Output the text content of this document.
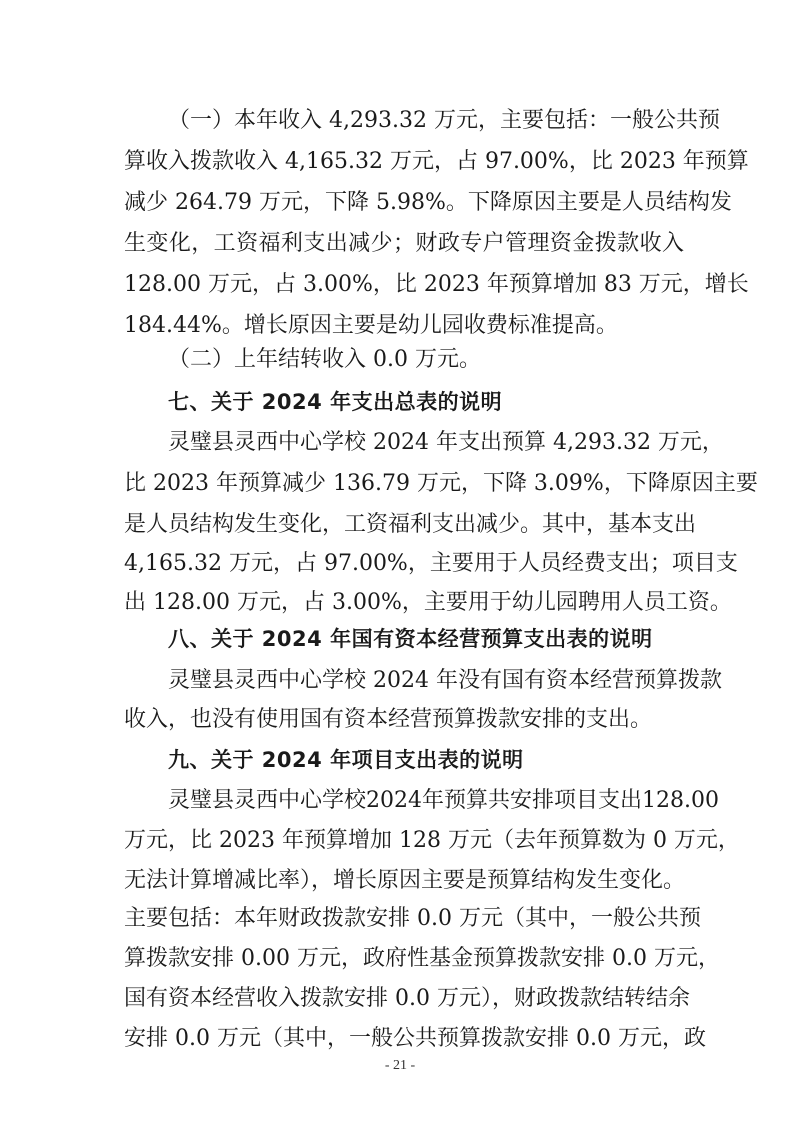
（一）本年收入 4,293.32 万元，主要包括：一般公共预
算收入拨款收入 4,165.32 万元，占 97.00%，比 2023 年预算
减少 264.79 万元，下降 5.98%。下降原因主要是人员结构发
生变化，工资福利支出减少；财政专户管理资金拨款收入
128.00 万元，占 3.00%，比 2023 年预算增加 83 万元，增长
184.44%。增长原因主要是幼儿园收费标准提高。
（二）上年结转收入 0.0 万元。
七、关于 2024 年支出总表的说明
灵璧县灵西中心学校 2024 年支出预算 4,293.32 万元，
比 2023 年预算减少 136.79 万元，下降 3.09%，下降原因主要
是人员结构发生变化，工资福利支出减少。其中，基本支出
4,165.32 万元，占 97.00%，主要用于人员经费支出；项目支
出 128.00 万元，占 3.00%，主要用于幼儿园聘用人员工资。
八、关于 2024 年国有资本经营预算支出表的说明
灵璧县灵西中心学校 2024 年没有国有资本经营预算拨款
收入，也没有使用国有资本经营预算拨款安排的支出。
九、关于 2024 年项目支出表的说明
灵璧县灵西中心学校2024年预算共安排项目支出128.00
万元，比 2023 年预算增加 128 万元（去年预算数为 0 万元，
无法计算增减比率），增长原因主要是预算结构发生变化。
主要包括：本年财政拨款安排 0.0 万元（其中，一般公共预
算拨款安排 0.00 万元，政府性基金预算拨款安排 0.0 万元，
国有资本经营收入拨款安排 0.0 万元），财政拨款结转结余
安排 0.0 万元（其中，一般公共预算拨款安排 0.0 万元，政
- 21 -
